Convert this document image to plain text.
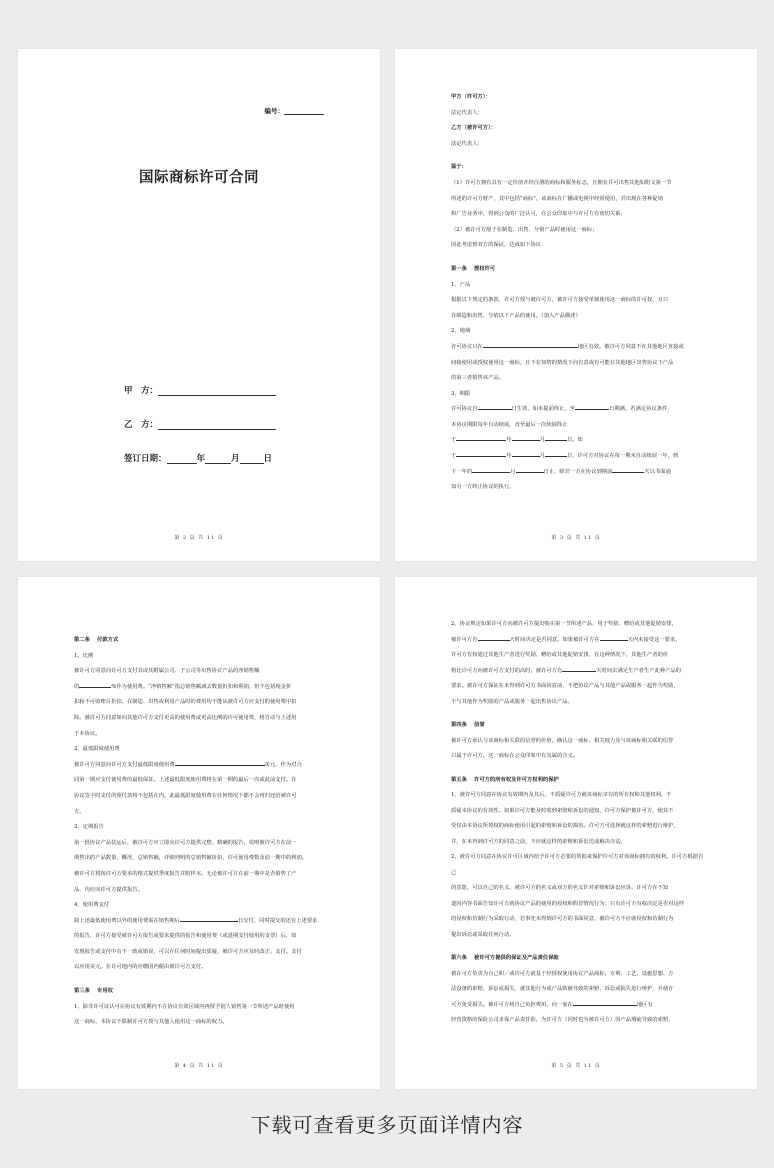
编号：
国际商标许可合同
甲　方：
乙　方：
签订日期：	年	月	日
第 2 页 共 11 页

甲方（许可方）：

法定代表人：

乙方（被许可方）：

法定代表人：

鉴于：

（1）许可方拥有具有一定价值并经注册的商标和服务标志，且拥有并可出售其他如附文第一节

所述的许可方财产，其中包括“商标”，该商标在广播或电视中经常使用，并出现在各种促销

和广告业务中，得到公众的广泛认可，在公众印象中与许可方有密切关系；

（2）被许可方愿于在制造、出售、分销产品时使用这一商标；

因此考虑到双方的保证，达成如下协议：

第一条　 授权许可

1、产品

根据以下规定的条款，许可方授与被许可方，被许可方接受单独使用这一商标的许可权，且只

在制造和出售、分销以下产品的使用。（加入产品描述）

2、地域

许可协议只在	地区有效。被许可方同意不在其他地区直接或

间接使用或授权使用这一商标，且不在知情的情况下向有意或有可能在其他地区出售协议下产品

的第三者销售该产品。

3、期限

许可协议自	日生效，如未提前终止，至	日期满。若满足协议条件，

本协议期限每年自动续展，直至最后一次续展终止

于	年	月	日。如

于	年	月	日，许可方对协议在每一期末自动续展一年，到

下一年的	月	日止，除非一方在协议到期前	天以书面通

知另一方终止协议的执行。

第 3 页 共 11 页

第二条　 付款方式

1、比例

被许可方同意向许可方支付其或其附属公司、子公司等出售协议产品的净销售额

的	%作为使用费。“净销售额”指总销售额减去数量折扣和利润，但不包括现金折

扣和不可收账目折扣。在制造、出售或利用产品时的费用均不能从被许可方应支付的使用费中扣

除。被许可方同意如向其他许可方支付更高的使用费或更高比例的许可使用费，将自动与上述用

于本协议。

2、最低限度使用费

被许可方同意向许可方支付最低限度使用费	美元，作为对合

同第一期应支付使用费的最低保证。上述最低限度使用费将在第一期的最后一次或此前支付。在

协议签字时支付的预付款将不包括在内。此最低限度使用费在任何情况下都不会再归还给被许可

方。

3、定期报告

第一批协议产品装运后，被许可方应立即向许可方提供完整、精确的报告，说明被许可方在前一

期售出的产品数量、概况、总销售额，详细列明的总销售额折扣，许可使用费数及前一期中的利润。

被许可方将按许可方要求的格式提供季度报告并附样本。无论被许可方在前一期中是否销售了产

品，均应向许可方提供报告。

4、使用费支付

除上述最低使用费以外的使用费需在销售期后	日交付，同时提交的还有上述要求

的报告，许可方接受被许可方报告或要求提供的报告和使用费（或延期支付使用的支票）后，如

发现报告或支付中有不一致或错误，可以在任何时间提出质疑，被许可方应及时改正、支付。支付

以应用美元。在许可地内的应缴国内税由被许可方支付。

第三条　 专用权

1、除非许可证认可在协议有效期内不在协议有效区域内再授予别人销售第一节所述产品时使用

这一商标，本协议不限制许可方授与其他人使用这一商标的权力。

第 4 页 共 11 页

2、协议规定如果许可方向被许可方提出购买第一节所述产品，用于奖励、赠给或其他促销安排，

被许可方有	天时间决定是否同意。如果被许可方在	天内未接受这一要求，

许可方有权通过其他生产者进行奖励、赠给或其他促销安排，在这种情况下，其他生产者的价

格比许可方向被许可方支付的高时，被许可方有	天时间去满足生产者生产此种产品的

要求。被许可方保证在未得到许可方书面同意前，不把协议产品与其他产品或服务一起作为奖励，

不与其他作为奖励的产品或服务一起出售协议产品。

第四条　 信誉

被许可方承认与该商标相关联的信誉的价值，确认这一商标、相关权力及与该商标相关联的信誉

只属于许可方，这一商标在公众印象中有其属的含义。

第五条　 许可方的所有权及许可方权利的保护

1、被许可方同意在协议有效期内及其后，不质疑许可方就该商标享有的所有权和其他权利，不

质疑本协议的有效性。如果许可方能及时收到索赔和诉讼的通知，许可方保护被许可方，使其不

受仅由本协议所授权的商标使用引起的索赔和诉讼的损害。许可方可选择就这样的索赔进行辩护，

并，在未得到许可方的同意之前，不应就这样的索赔和诉讼达成解决办法。

2、被许可方同意在协议许可区域内给予许可方必要的帮助来保护许可方对该商标拥有的权利。许可方根据自己

的意愿，可以自己的名义、被许可方的名义或双方的名义针对索赔和诉讼应诉。许可方在不知

道因内容书面告知许可方就协议产品的使用的侵权和假冒情况行为；只有许可方有权决定是否对这样

的侵权和仿制行为采取行动，若事先未得到许可方的书面同意，被许可方不应就侵权和仿制行为

提出诉讼或采取任何行动。

第六条　 被许可方提供的保证及产品责任保险

被许可方负责为自己和／或许可方就基于经授权使用协议产品商标，专利、工艺、设施思想、方

法设备的索赔、诉讼或损失，就其他行为或产品致被导致的索赔、诉讼或损失进行辩护，并使许

可方免受损失。被许可方将自己负担费用，向一家在	地区有

经营资格的保险公司求保产品责任险，为许可方（同时也为被许可方）因产品瑕疵导致的索赔、

第 5 页 共 11 页
下载可查看更多页面详情内容
